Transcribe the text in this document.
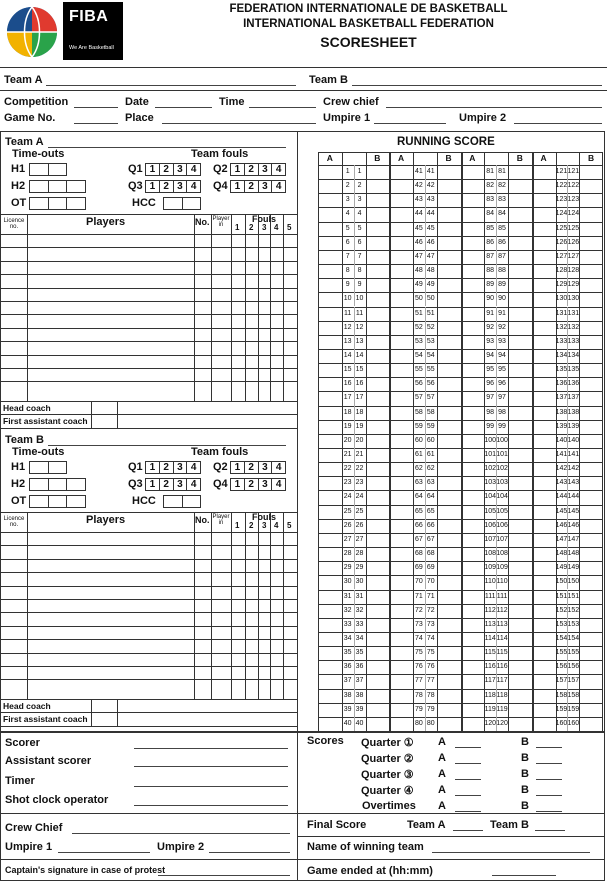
FIBA
We Are Basketball
FEDERATION INTERNATIONALE DE BASKETBALL
INTERNATIONAL BASKETBALL FEDERATION
SCORESHEET
Team A	Team B
Competition	Date	Time	Crew chief
Game No.	Place	Umpire 1	Umpire 2
Team A
Time-outs	Team fouls
H1
H2
OT
Q1 1 2 3 4	Q2 1 2 3 4
Q3 1 2 3 4	Q4 1 2 3 4
HCC
Licence no.	Players	No. Player in
Fouls
1 2 3 4 5
Head coach
First assistant coach
Team B
Time-outs	Team fouls
H1
H2
OT
Q1 1 2 3 4	Q2 1 2 3 4
Q3 1 2 3 4	Q4 1 2 3 4
HCC
Licence no.	Players	No. Player in
Fouls
1 2 3 4 5
Head coach
First assistant coach
RUNNING SCORE
A	B
1	1
2	2
3	3
4	4
5	5
6	6
7	7
8	8
9	9
10 10
11 11
12 12
13 13
14 14
15 15
16 16
17 17
18 18
19 19
20 20
21 21
22 22
23 23
24 24
25 25
26 26
27 27
28 28
29 29
30 30
31 31
32 32
33 33
34 34
35 35
36 36
37 37
38 38
39 39
40 40
A	B
41 41
42 42
43 43
44 44
45 45
46 46
47 47
48 48
49 49
50 50
51 51
52 52
53 53
54 54
55 55
56 56
57 57
58 58
59 59
60 60
61 61
62 62
63 63
64 64
65 65
66 66
67 67
68 68
69 69
70 70
71 71
72 72
73 73
74 74
75 75
76 76
77 77
78 78
79 79
80 80
A	B
81 81
82 82
83 83
84 84
85 85
86 86
87 87
88 88
89 89
90 90
91 91
92 92
93 93
94 94
95 95
96 96
97 97
98 98
99 99
100 100
101 101
102 102
103 103
104 104
105 105
106 106
107 107
108 108
109 109
110 110
111 111
112 112
113 113
114 114
115 115
116 116
117 117
118 118
119 119
120 120
A	B
121 121
122 122
123 123
124 124
125 125
126 126
127 127
128 128
129 129
130 130
131 131
132 132
133 133
134 134
135 135
136 136
137 137
138 138
139 139
140 140
141 141
142 142
143 143
144 144
145 145
146 146
147 147
148 148
149 149
150 150
151 151
152 152
153 153
154 154
155 155
156 156
157 157
158 158
159 159
160 160
Scorer
Assistant scorer
Timer
Shot clock operator
Crew Chief
Umpire 1	Umpire 2
Captain's signature in case of protest
Scores Quarter ① A	B
Quarter ② A	B
Quarter ③ A	B
Quarter ④ A	B
Overtimes A	B
Final Score	Team A	Team B
Name of winning team
Game ended at (hh:mm)
